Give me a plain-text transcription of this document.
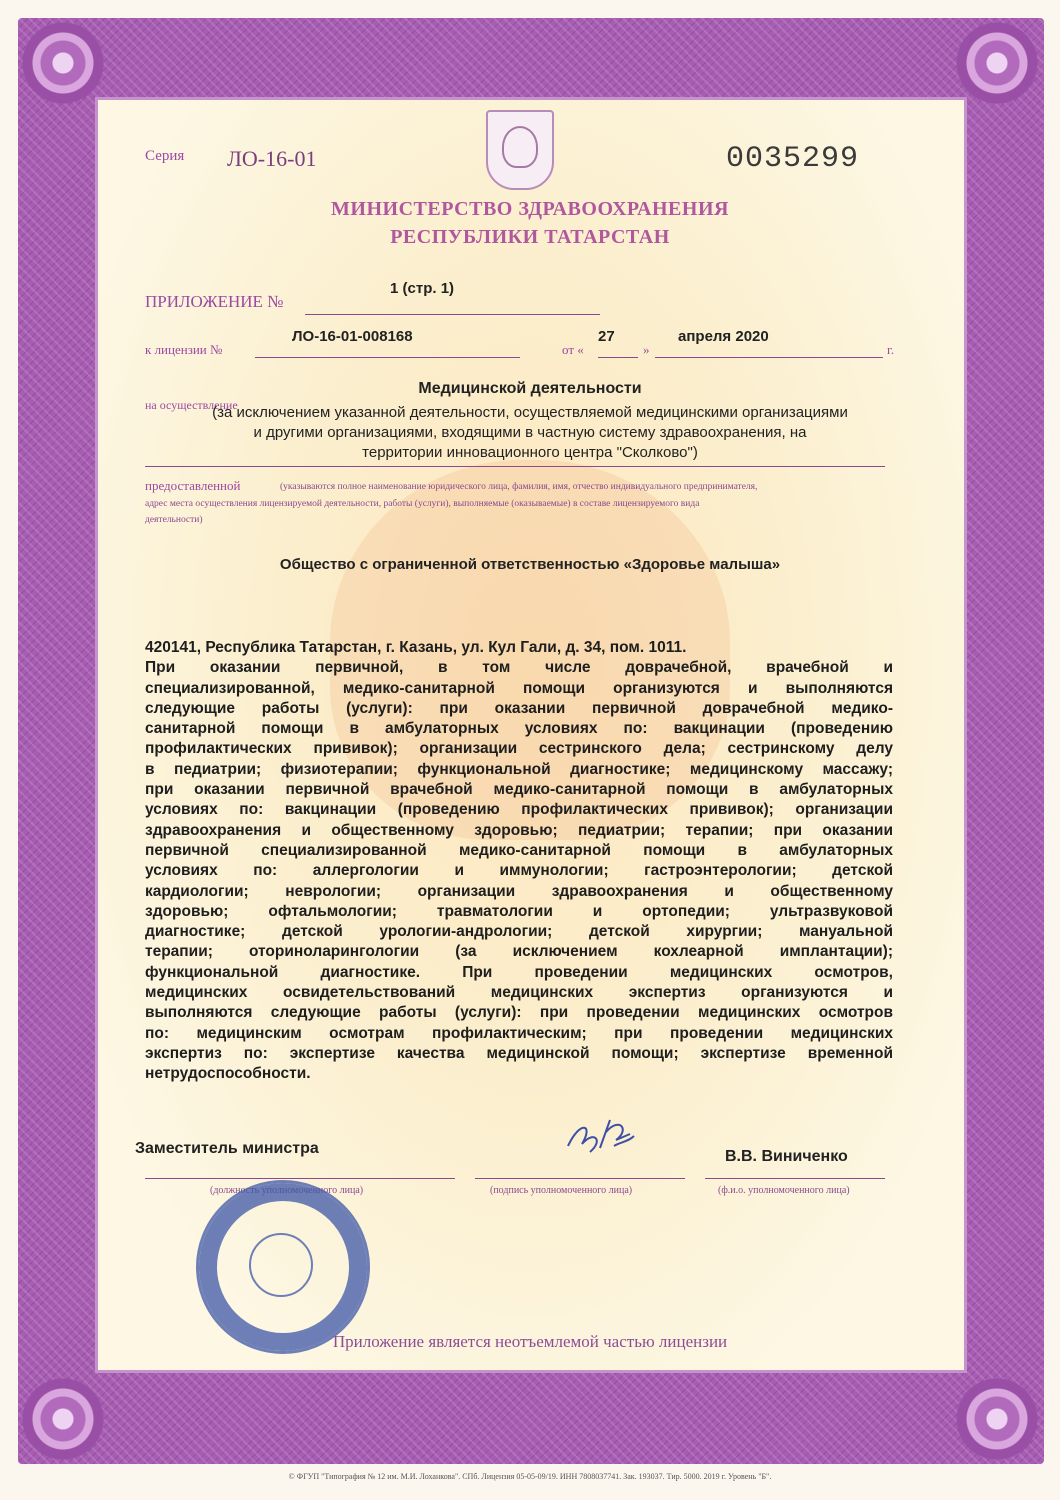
Серия ЛО-16-01	0035299
МИНИСТЕРСТВО ЗДРАВООХРАНЕНИЯ
РЕСПУБЛИКИ ТАТАРСТАН
ПРИЛОЖЕНИЕ №
1 (стр. 1)
к лицензии №
ЛО-16-01-008168
от «	»
27	апреля 2020
г.
на осуществление
Медицинской деятельности
(за исключением указанной деятельности, осуществляемой медицинскими организациями
и другими организациями, входящими в частную систему здравоохранения, на
территории инновационного центра "Сколково")
предоставленной	(указываются полное наименование юридического лица, фамилия, имя, отчество индивидуального предпринимателя,
адрес места осуществления лицензируемой деятельности, работы (услуги), выполняемые (оказываемые) в составе лицензируемого вида
деятельности)
Общество с ограниченной ответственностью «Здоровье малыша»
420141, Республика Татарстан, г. Казань, ул. Кул Гали, д. 34, пом. 1011.
При оказании первичной, в том числе доврачебной, врачебной и
специализированной, медико-санитарной помощи организуются и выполняются
следующие работы (услуги): при оказании первичной доврачебной медико-
санитарной помощи в амбулаторных условиях по: вакцинации (проведению
профилактических прививок); организации сестринского дела; сестринскому делу
в педиатрии; физиотерапии; функциональной диагностике; медицинскому массажу;
при оказании первичной врачебной медико-санитарной помощи в амбулаторных
условиях по: вакцинации (проведению профилактических прививок); организации
здравоохранения и общественному здоровью; педиатрии; терапии; при оказании
первичной специализированной медико-санитарной помощи в амбулаторных
условиях по: аллергологии и иммунологии; гастроэнтерологии; детской
кардиологии; неврологии; организации здравоохранения и общественному
здоровью; офтальмологии; травматологии и ортопедии; ультразвуковой
диагностике; детской урологии-андрологии; детской хирургии; мануальной
терапии; оториноларингологии (за исключением кохлеарной имплантации);
функциональной диагностике. При проведении медицинских осмотров,
медицинских освидетельствований медицинских экспертиз организуются и
выполняются следующие работы (услуги): при проведении медицинских осмотров
по: медицинским осмотрам профилактическим; при проведении медицинских
экспертиз по: экспертизе качества медицинской помощи; экспертизе временной
нетрудоспособности.
Заместитель министра	В.В. Виниченко
(должность уполномоченного лица)	(подпись уполномоченного лица)	(ф.и.о. уполномоченного лица)
Приложение является неотъемлемой частью лицензии
© ФГУП "Типография № 12 им. М.И. Лоханкова". СПб. Лицензия 05-05-09/19. ИНН 7808037741. Зак. 193037. Тир. 5000. 2019 г. Уровень "Б".
